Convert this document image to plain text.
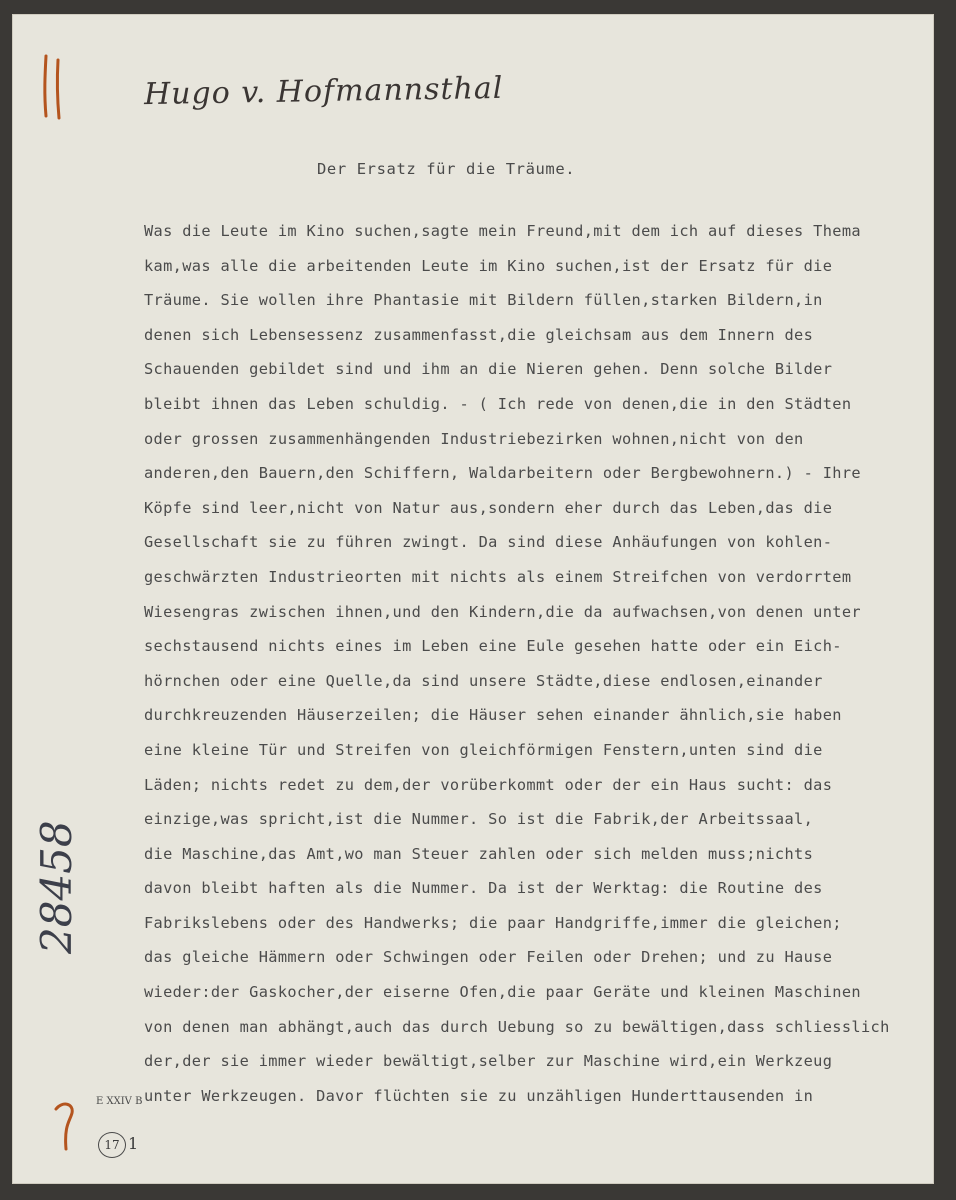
Hugo v. Hofmannsthal
Der Ersatz für die Träume.
Was die Leute im Kino suchen,sagte mein Freund,mit dem ich auf dieses Thema
kam,was alle die arbeitenden Leute im Kino suchen,ist der Ersatz für die
Träume. Sie wollen ihre Phantasie mit Bildern füllen,starken Bildern,in
denen sich Lebensessenz zusammenfasst,die gleichsam aus dem Innern des
Schauenden gebildet sind und ihm an die Nieren gehen. Denn solche Bilder
bleibt ihnen das Leben schuldig. - ( Ich rede von denen,die in den Städten
oder grossen zusammenhängenden Industriebezirken wohnen,nicht von den
anderen,den Bauern,den Schiffern, Waldarbeitern oder Bergbewohnern.) - Ihre
Köpfe sind leer,nicht von Natur aus,sondern eher durch das Leben,das die
Gesellschaft sie zu führen zwingt. Da sind diese Anhäufungen von kohlen-
geschwärzten Industrieorten mit nichts als einem Streifchen von verdorrtem
Wiesengras zwischen ihnen,und den Kindern,die da aufwachsen,von denen unter
sechstausend nichts eines im Leben eine Eule gesehen hatte oder ein Eich-
hörnchen oder eine Quelle,da sind unsere Städte,diese endlosen,einander
durchkreuzenden Häuserzeilen; die Häuser sehen einander ähnlich,sie haben
eine kleine Tür und Streifen von gleichförmigen Fenstern,unten sind die
Läden; nichts redet zu dem,der vorüberkommt oder der ein Haus sucht: das
einzige,was spricht,ist die Nummer. So ist die Fabrik,der Arbeitssaal,
die Maschine,das Amt,wo man Steuer zahlen oder sich melden muss;nichts
davon bleibt haften als die Nummer. Da ist der Werktag: die Routine des
Fabrikslebens oder des Handwerks; die paar Handgriffe,immer die gleichen;
das gleiche Hämmern oder Schwingen oder Feilen oder Drehen; und zu Hause
wieder:der Gaskocher,der eiserne Ofen,die paar Geräte und kleinen Maschinen
von denen man abhängt,auch das durch Uebung so zu bewältigen,dass schliesslich
der,der sie immer wieder bewältigt,selber zur Maschine wird,ein Werkzeug
unter Werkzeugen. Davor flüchten sie zu unzähligen Hunderttausenden in
28458
E XXIV B
17 1
